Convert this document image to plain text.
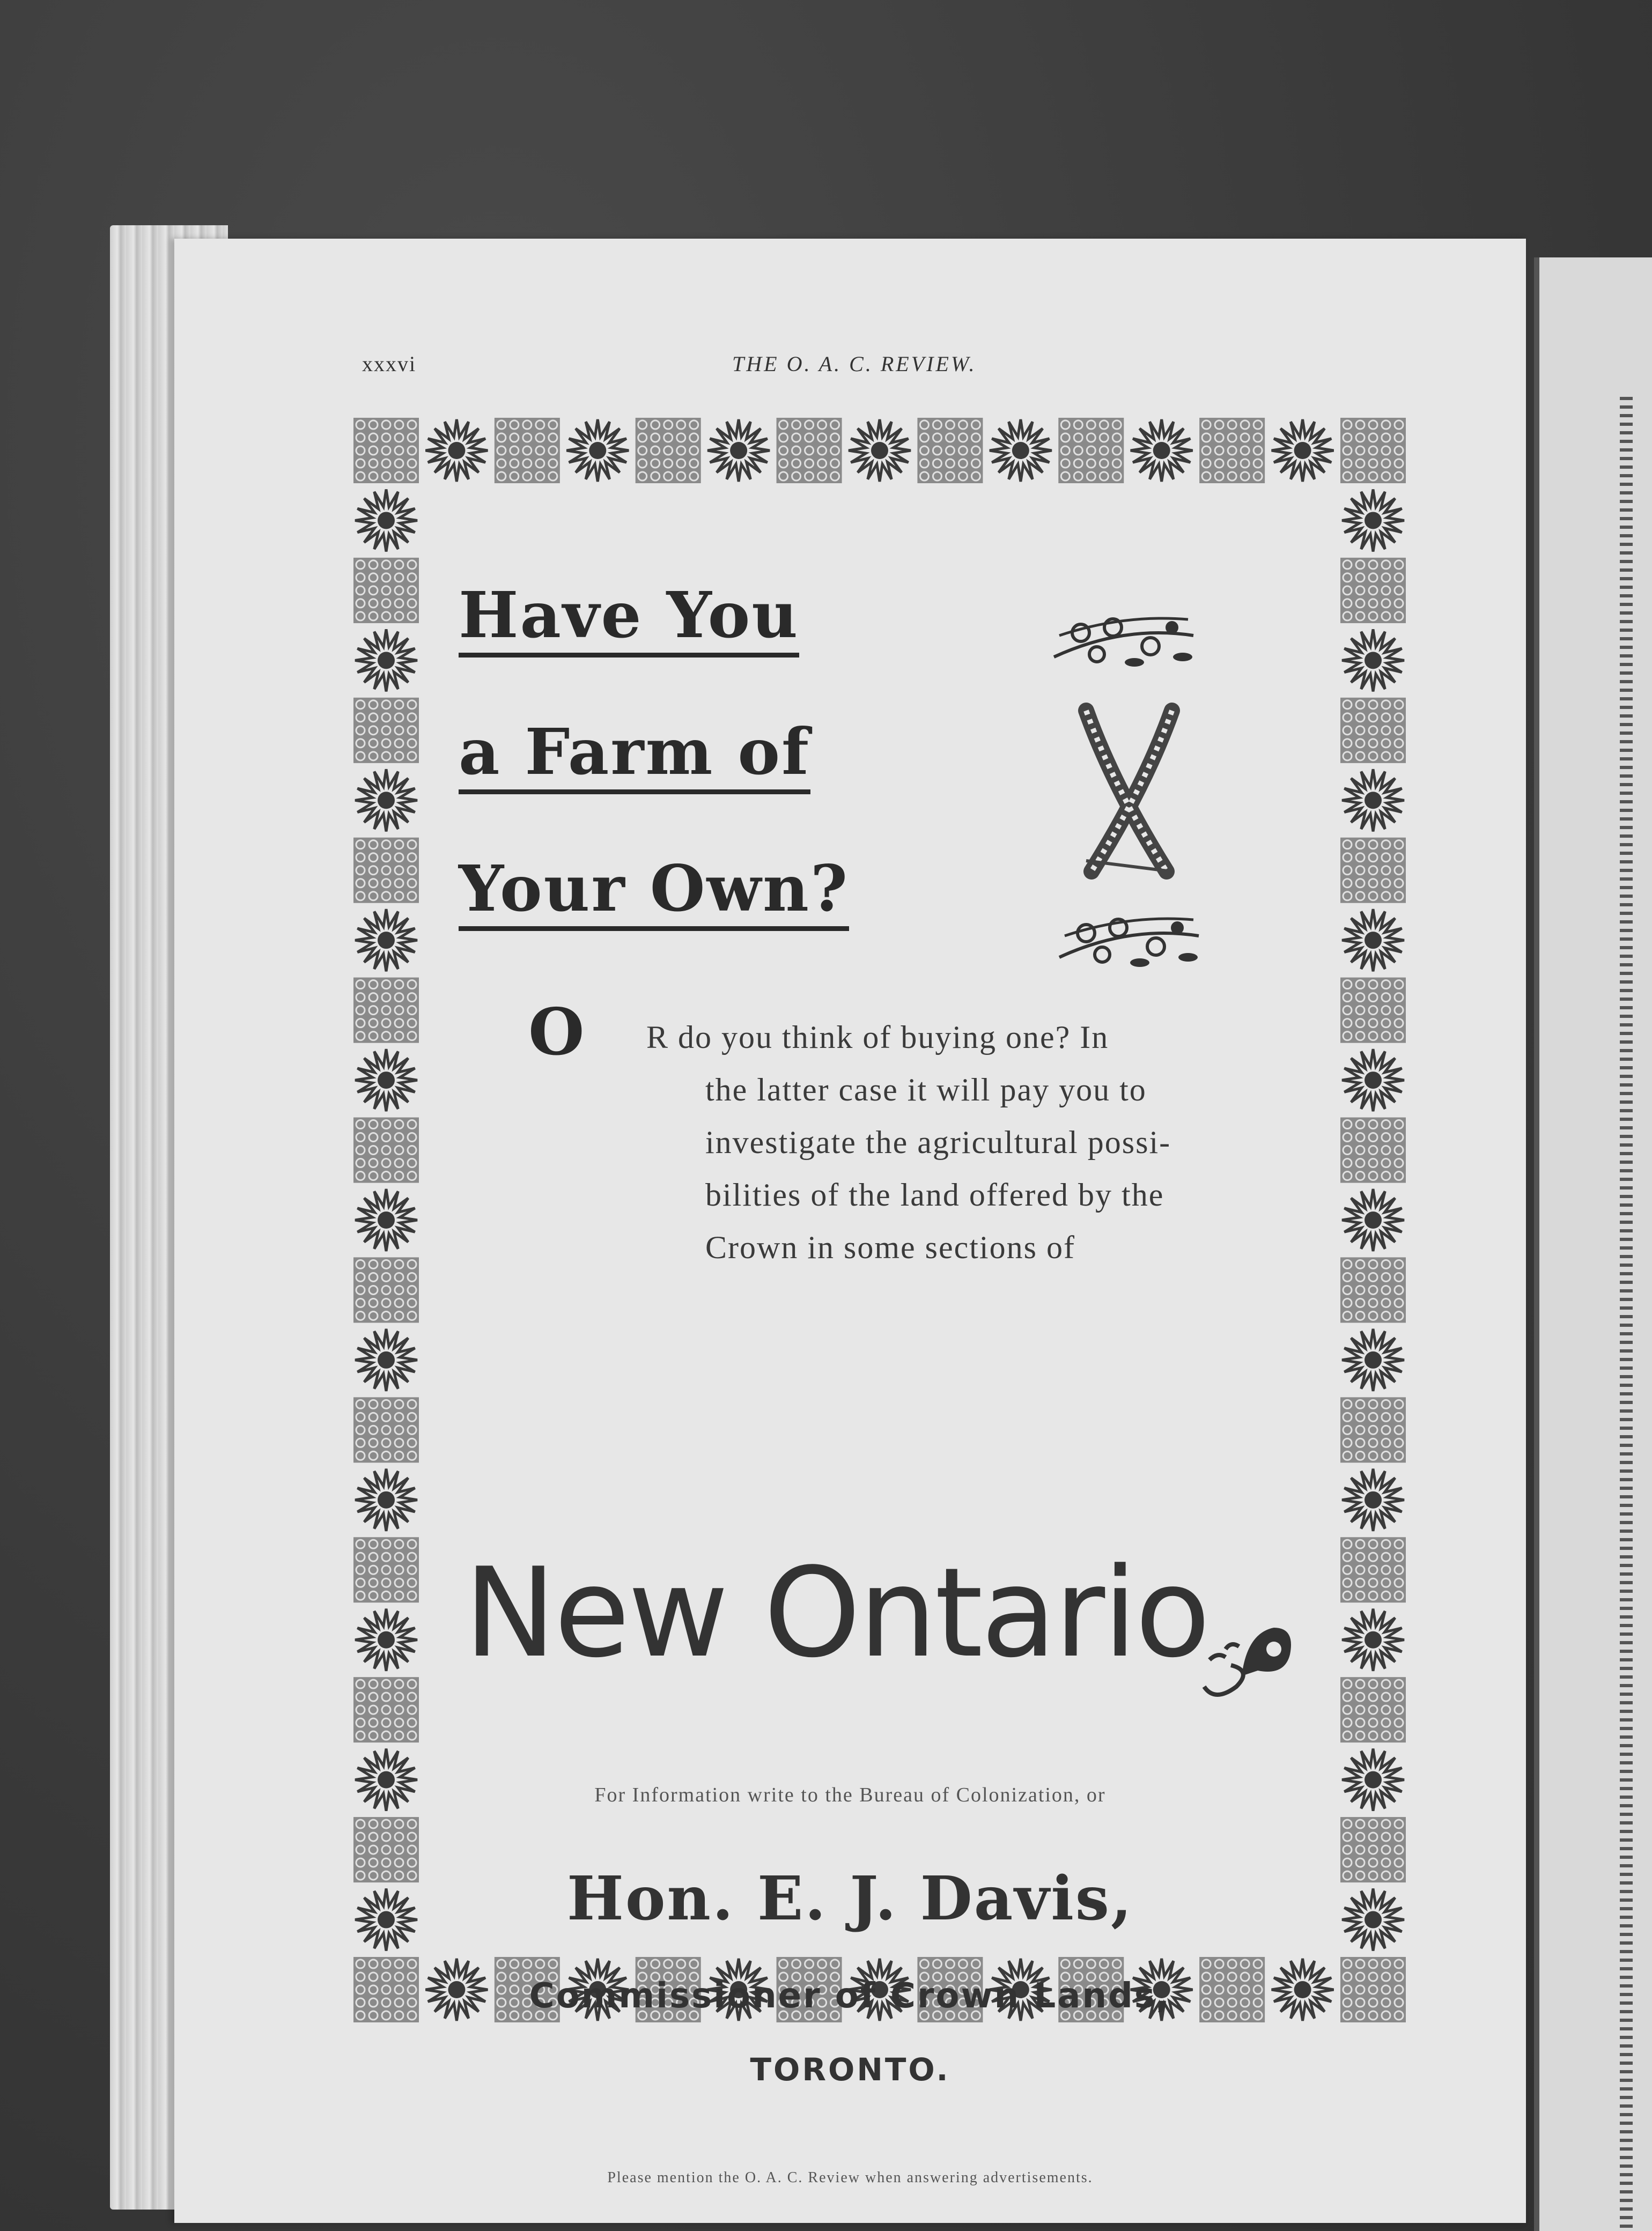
xxxvi	THE O. A. C. REVIEW.
Have You
a Farm of
Your Own?
O R do you think of buying one? In
the latter case it will pay you to
investigate the agricultural possi-
bilities of the land offered by the
Crown in some sections of
New Ontario
For Information write to the Bureau of Colonization, or
Hon. E. J. Davis,
Commissioner of Crown Lands,
TORONTO.
Please mention the O. A. C. Review when answering advertisements.
